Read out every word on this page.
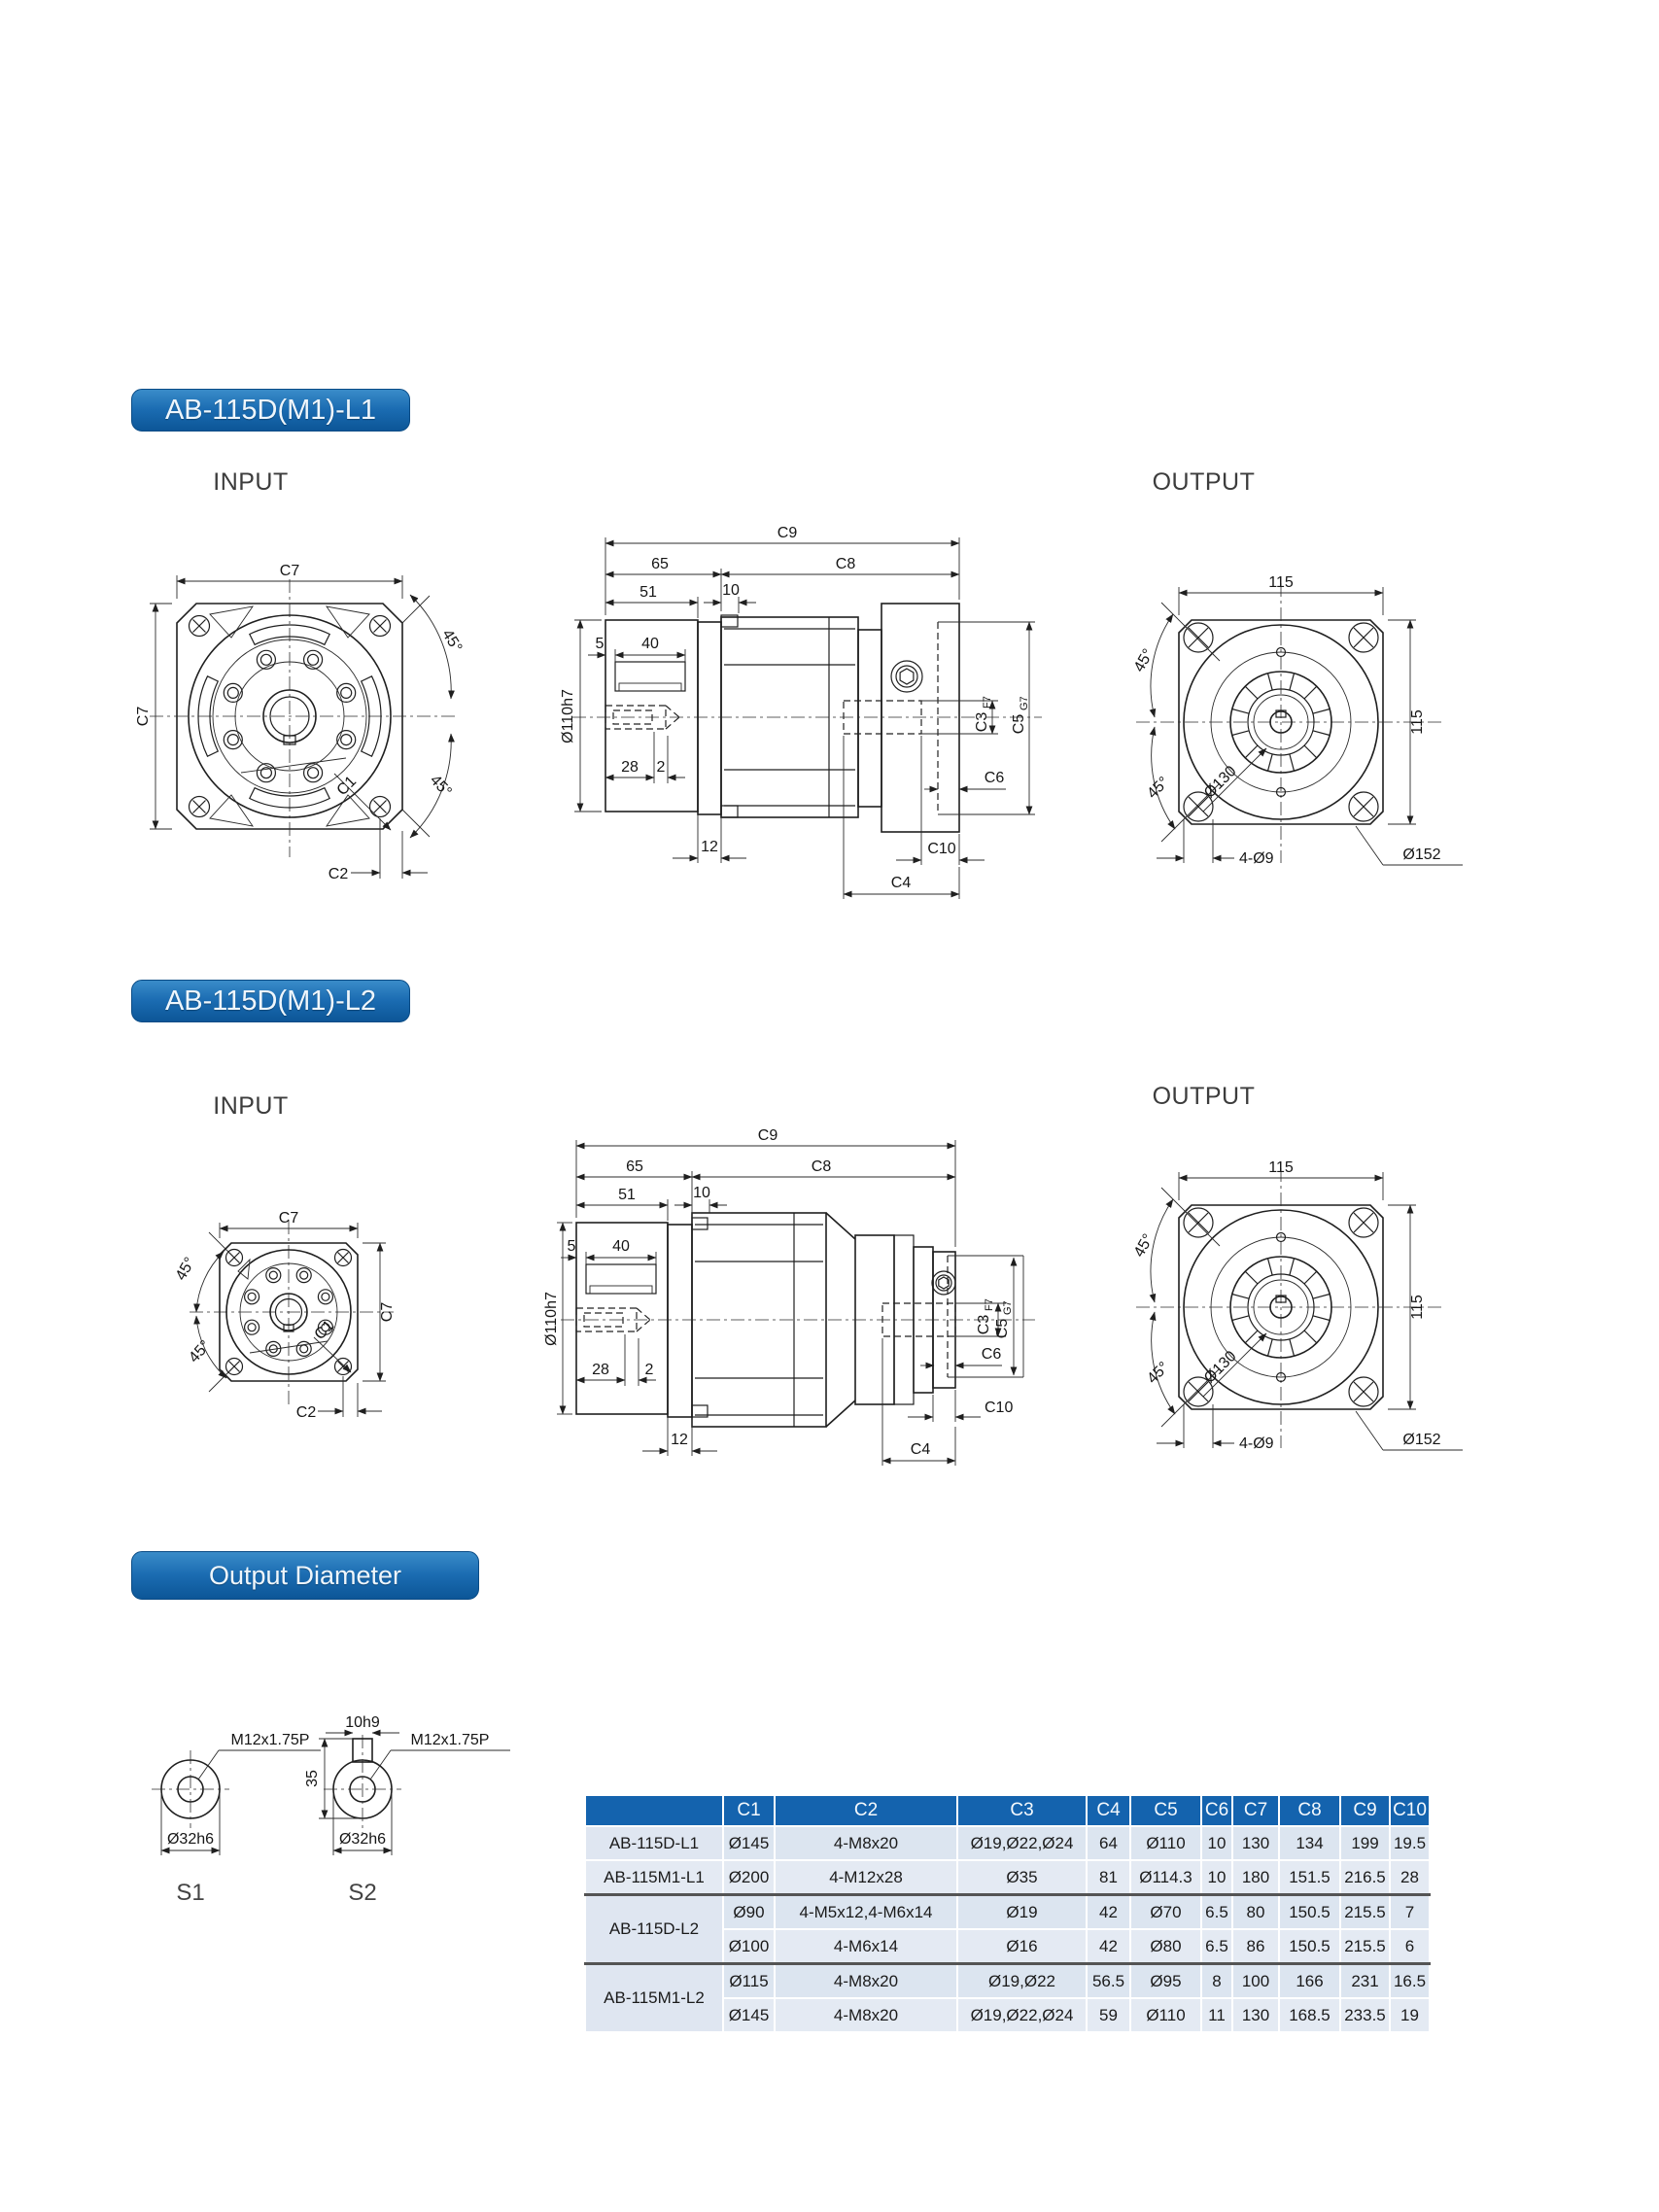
AB-115D(M1)-L1
INPUT	OUTPUT
C7
C7
C2
C1
45°
45°
C9
65	C8
51	10
5 40
28 2
12
Ø110h7	C3
F7
C5
G7
C6
C10
C4
115
115
45°
45° Ø130
4-Ø9	Ø152
AB-115D(M1)-L2
INPUT	OUTPUT
C7
C7
C2
C1
45°
45°
C9
65	C8
51	10
5 40
28 2
12
Ø110h7	C3
F7
C5
G7
C6
C10
C4
115
115
45°
45° Ø130
4-Ø9	Ø152
Output Diameter
M12x1.75P
Ø32h6
S1
10h9
35
M12x1.75P
Ø32h6
S2
	C1	C2	C3	C4	C5	C6	C7	C8	C9	C10
AB-115D-L1	Ø145	4-M8x20	Ø19,Ø22,Ø24	64	Ø110	10	130	134	199	19.5
AB-115M1-L1	Ø200	4-M12x28	Ø35	81	Ø114.3	10	180	151.5	216.5	28
AB-115D-L2	Ø90	4-M5x12,4-M6x14	Ø19	42	Ø70	6.5	80	150.5	215.5	7
	Ø100	4-M6x14	Ø16	42	Ø80	6.5	86	150.5	215.5	6
AB-115M1-L2	Ø115	4-M8x20	Ø19,Ø22	56.5	Ø95	8	100	166	231	16.5
	Ø145	4-M8x20	Ø19,Ø22,Ø24	59	Ø110	11	130	168.5	233.5	19
